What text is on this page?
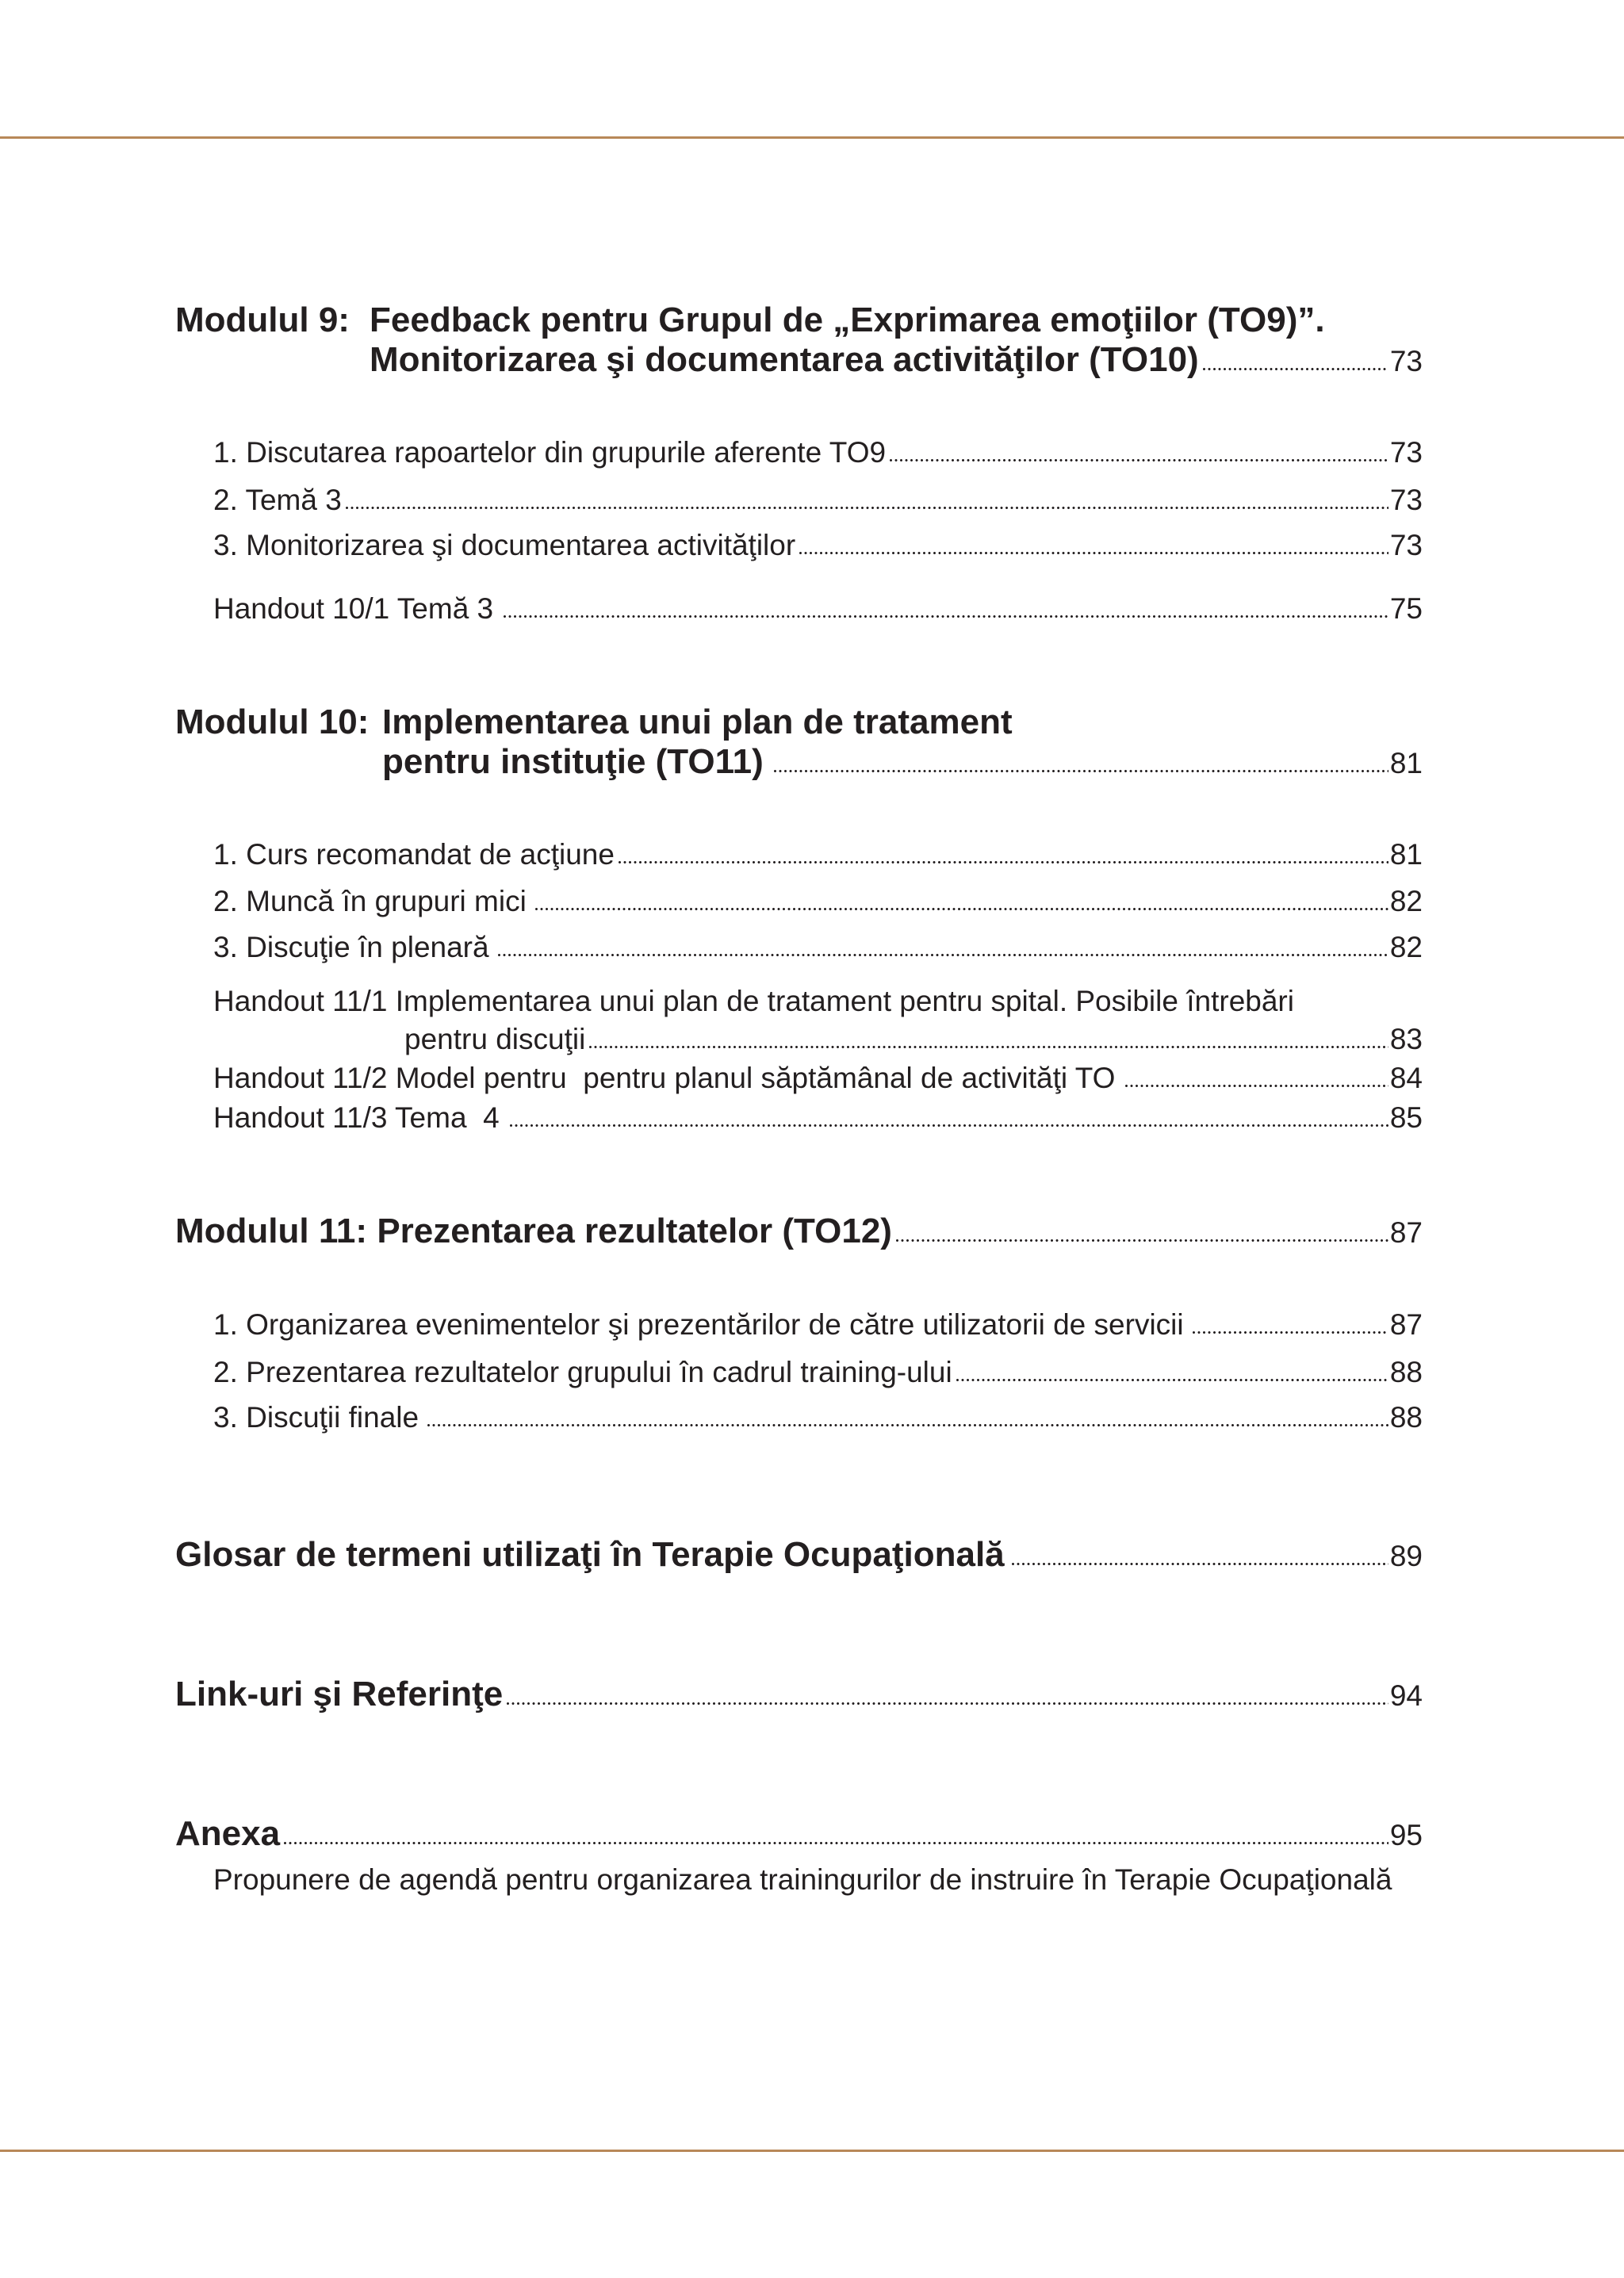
Modulul 9: Feedback pentru Grupul de „Exprimarea emoţiilor (TO9)”.
Monitorizarea şi documentarea activităţilor (TO10)	73
1. Discutarea rapoartelor din grupurile aferente TO9	73
2. Temă 3	73
3. Monitorizarea şi documentarea activităţilor	73
Handout 10/1 Temă 3	75
Modulul 10: Implementarea unui plan de tratament
pentru instituţie (TO11)	81
1. Curs recomandat de acţiune	81
2. Muncă în grupuri mici	82
3. Discuţie în plenară	82
Handout 11/1 Implementarea unui plan de tratament pentru spital. Posibile întrebări
pentru discuţii	83
Handout 11/2 Model pentru  pentru planul săptămânal de activităţi TO	84
Handout 11/3 Tema  4	85
Modulul 11: Prezentarea rezultatelor (TO12)	87
1. Organizarea evenimentelor şi prezentărilor de către utilizatorii de servicii	87
2. Prezentarea rezultatelor grupului în cadrul training-ului	88
3. Discuţii finale	88
Glosar de termeni utilizaţi în Terapie Ocupaţională	89
Link-uri şi Referinţe	94
Anexa	95
Propunere de agendă pentru organizarea trainingurilor de instruire în Terapie Ocupaţională
